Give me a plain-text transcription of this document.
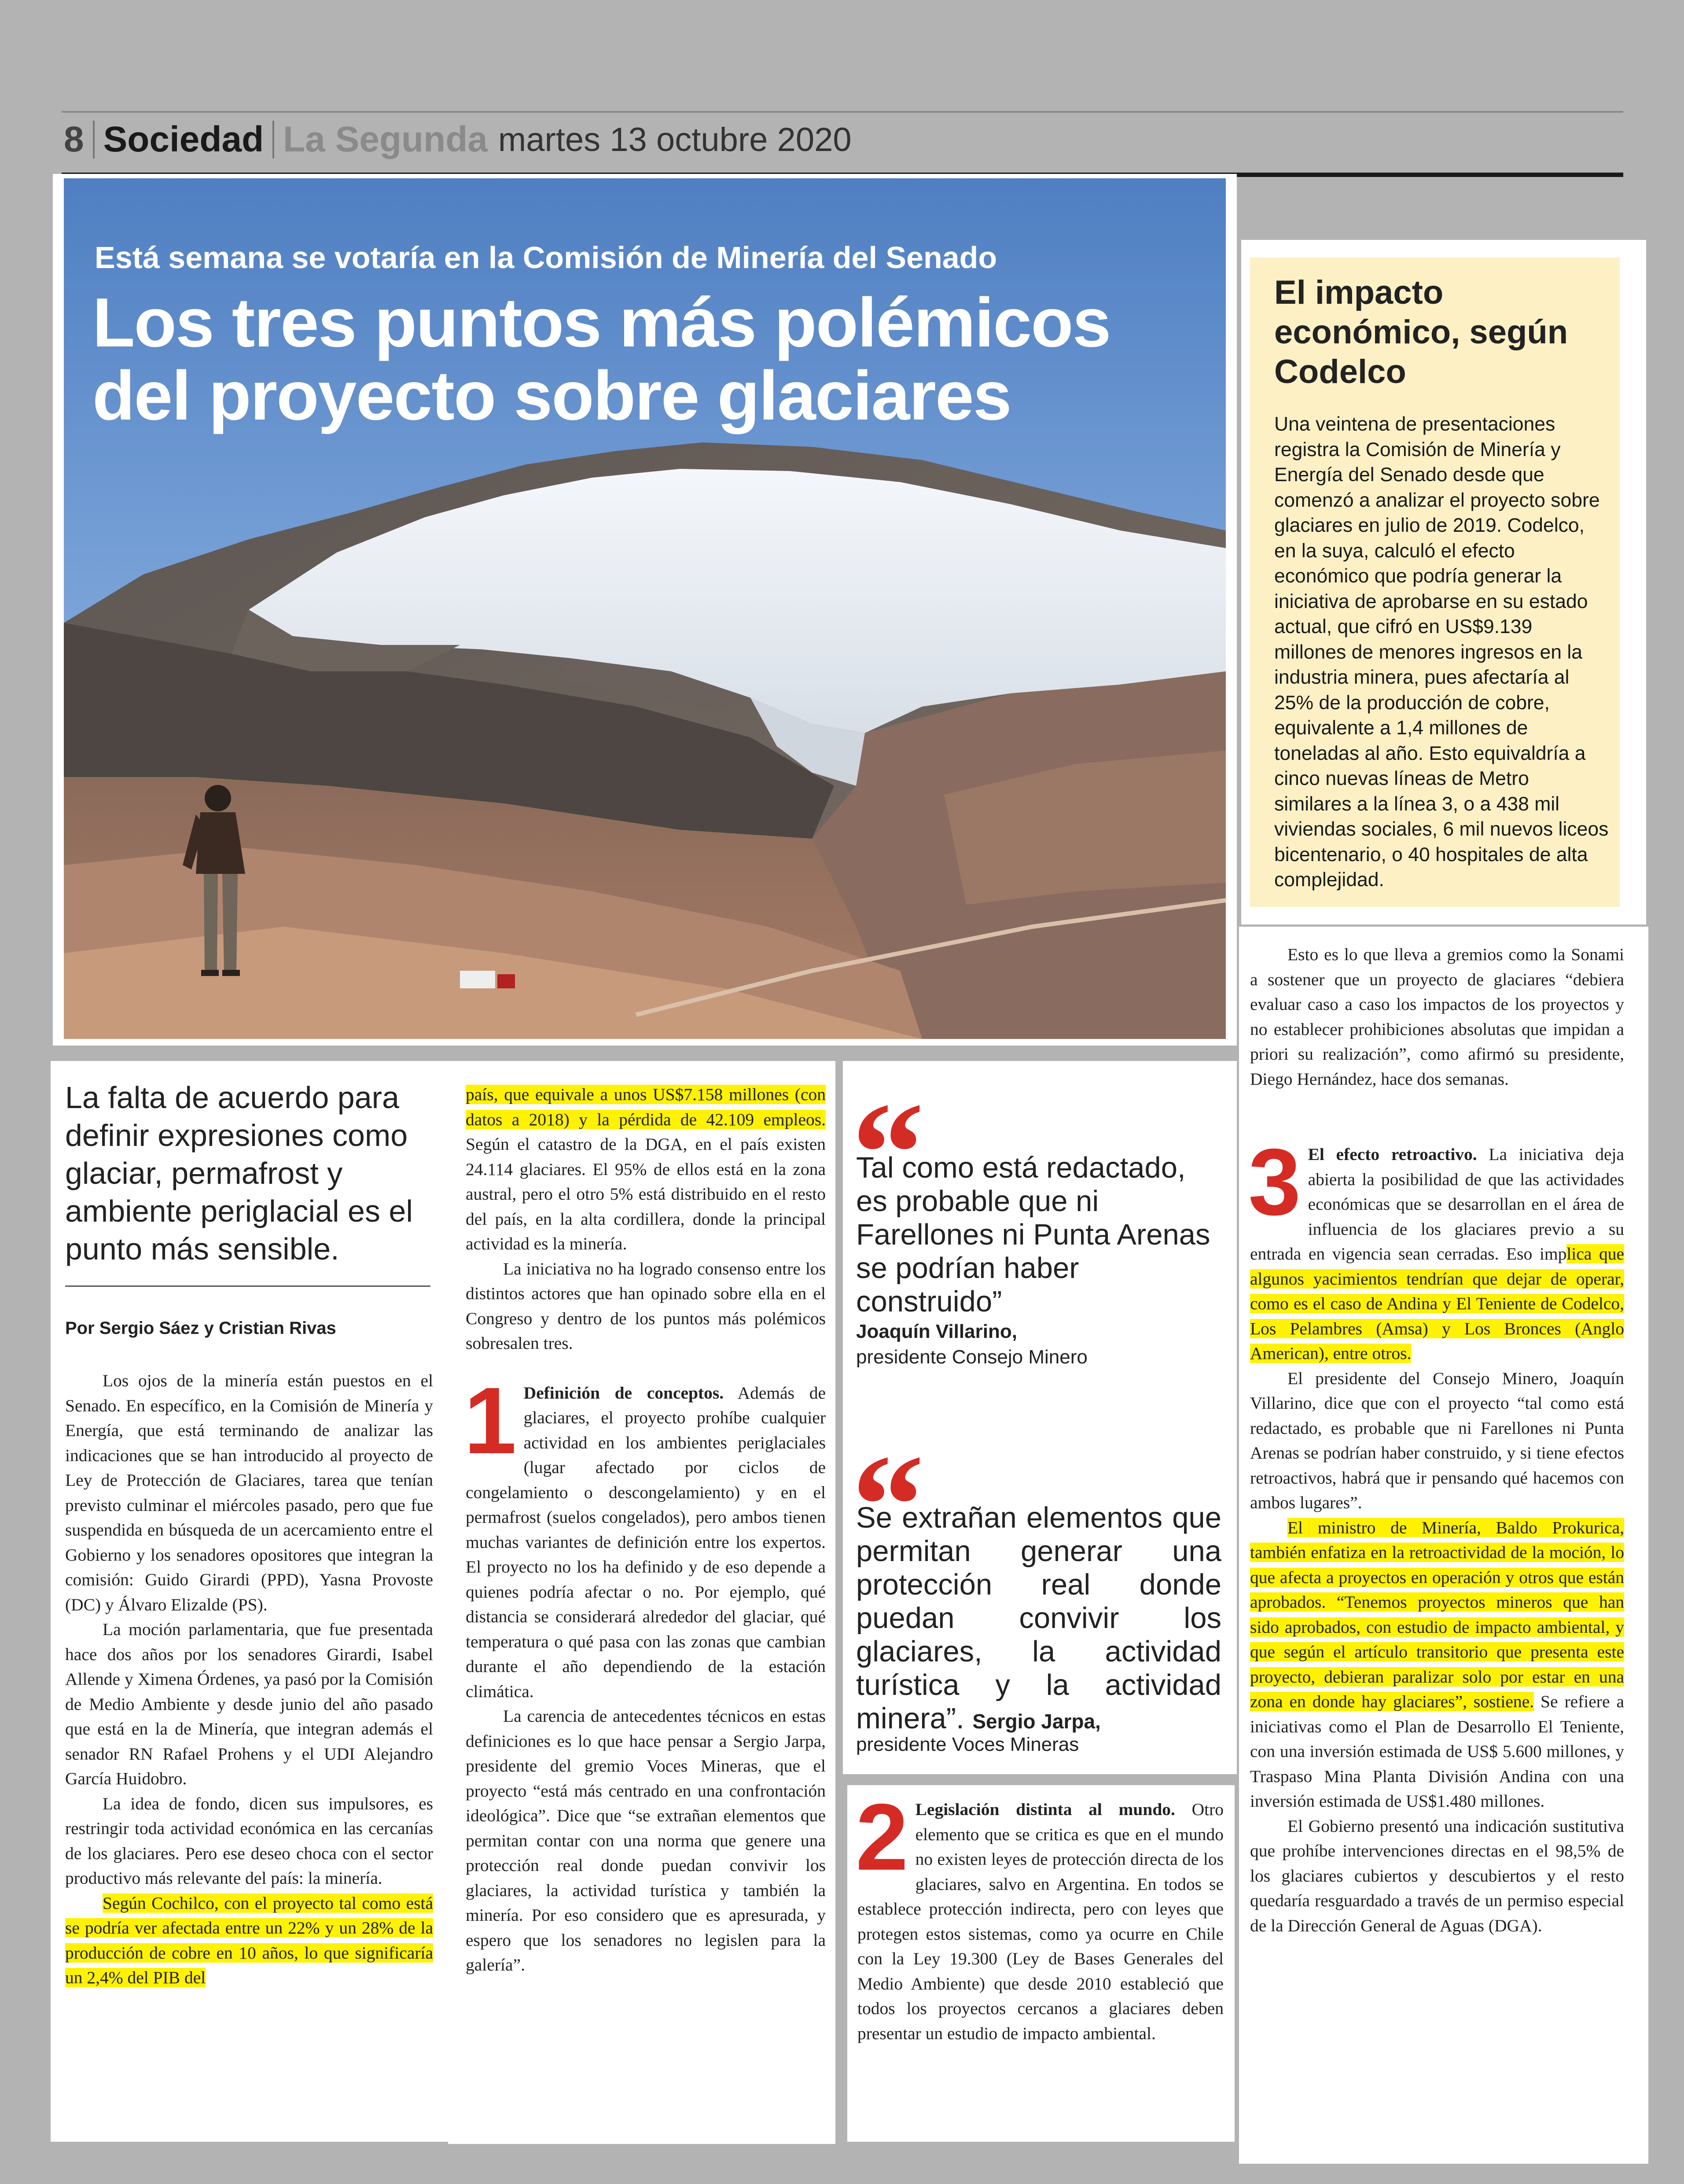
8 Sociedad La Segunda martes 13 octubre 2020
Está semana se votaría en la Comisión de Minería del Senado
Los tres puntos más polémicos del proyecto sobre glaciares
El impacto económico, según Codelco
Una veintena de presentaciones registra la Comisión de Minería y Energía del Senado desde que comenzó a analizar el proyecto sobre glaciares en julio de 2019. Codelco, en la suya, calculó el efecto económico que podría generar la iniciativa de aprobarse en su estado actual, que cifró en US$9.139 millones de menores ingresos en la industria minera, pues afectaría al 25% de la producción de cobre, equivalente a 1,4 millones de toneladas al año. Esto equivaldría a cinco nuevas líneas de Metro similares a la línea 3, o a 438 mil viviendas sociales, 6 mil nuevos liceos bicentenario, o 40 hospitales de alta complejidad.
La falta de acuerdo para definir expresiones como glaciar, permafrost y ambiente periglacial es el punto más sensible.
Por Sergio Sáez y Cristian Rivas

Los ojos de la minería están puestos en el Senado. En específico, en la Comisión de Minería y Energía, que está terminando de analizar las indicaciones que se han introducido al proyecto de Ley de Protección de Glaciares, tarea que tenían previsto culminar el miércoles pasado, pero que fue suspendida en búsqueda de un acercamiento entre el Gobierno y los senadores opositores que integran la comisión: Guido Girardi (PPD), Yasna Provoste (DC) y Álvaro Elizalde (PS).

La moción parlamentaria, que fue presentada hace dos años por los senadores Girardi, Isabel Allende y Ximena Órdenes, ya pasó por la Comisión de Medio Ambiente y desde junio del año pasado que está en la de Minería, que integran además el senador RN Rafael Prohens y el UDI Alejandro García Huidobro.

La idea de fondo, dicen sus impulsores, es restringir toda actividad económica en las cercanías de los glaciares. Pero ese deseo choca con el sector productivo más relevante del país: la minería.

Según Cochilco, con el proyecto tal como está se podría ver afectada entre un 22% y un 28% de la producción de cobre en 10 años, lo que significaría un 2,4% del PIB del

país, que equivale a unos US$7.158 millones (con datos a 2018) y la pérdida de 42.109 empleos. Según el catastro de la DGA, en el país existen 24.114 glaciares. El 95% de ellos está en la zona austral, pero el otro 5% está distribuido en el resto del país, en la alta cordillera, donde la principal actividad es la minería.

La iniciativa no ha logrado consenso entre los distintos actores que han opinado sobre ella en el Congreso y dentro de los puntos más polémicos sobresalen tres.

1 Definición de conceptos. Además de glaciares, el proyecto prohíbe cualquier actividad en los ambientes periglaciales (lugar afectado por ciclos de congelamiento o descongelamiento) y en el permafrost (suelos congelados), pero ambos tienen muchas variantes de definición entre los expertos. El proyecto no los ha definido y de eso depende a quienes podría afectar o no. Por ejemplo, qué distancia se considerará alrededor del glaciar, qué temperatura o qué pasa con las zonas que cambian durante el año dependiendo de la estación climática.

La carencia de antecedentes técnicos en estas definiciones es lo que hace pensar a Sergio Jarpa, presidente del gremio Voces Mineras, que el proyecto “está más centrado en una confrontación ideológica”. Dice que “se extrañan elementos que permitan contar con una norma que genere una protección real donde puedan convivir los glaciares, la actividad turística y también la minería. Por eso considero que es apresurada, y espero que los senadores no legislen para la galería”.

“
Tal como está redactado, es probable que ni Farellones ni Punta Arenas se podrían haber construido”
Joaquín Villarino,
presidente Consejo Minero
“
Se extrañan elementos que permitan generar una protección real donde puedan convivir los glaciares, la actividad turística y la actividad minera”. Sergio Jarpa,
presidente Voces Mineras

2 Legislación distinta al mundo. Otro elemento que se critica es que en el mundo no existen leyes de protección directa de los glaciares, salvo en Argentina. En todos se establece protección indirecta, pero con leyes que protegen estos sistemas, como ya ocurre en Chile con la Ley 19.300 (Ley de Bases Generales del Medio Ambiente) que desde 2010 estableció que todos los proyectos cercanos a glaciares deben presentar un estudio de impacto ambiental.

Esto es lo que lleva a gremios como la Sonami a sostener que un proyecto de glaciares “debiera evaluar caso a caso los impactos de los proyectos y no establecer prohibiciones absolutas que impidan a priori su realización”, como afirmó su presidente, Diego Hernández, hace dos semanas.

3 El efecto retroactivo. La iniciativa deja abierta la posibilidad de que las actividades económicas que se desarrollan en el área de influencia de los glaciares previo a su entrada en vigencia sean cerradas. Eso implica que algunos yacimientos tendrían que dejar de operar, como es el caso de Andina y El Teniente de Codelco, Los Pelambres (Amsa) y Los Bronces (Anglo American), entre otros.

El presidente del Consejo Minero, Joaquín Villarino, dice que con el proyecto “tal como está redactado, es probable que ni Farellones ni Punta Arenas se podrían haber construido, y si tiene efectos retroactivos, habrá que ir pensando qué hacemos con ambos lugares”.

El ministro de Minería, Baldo Prokurica, también enfatiza en la retroactividad de la moción, lo que afecta a proyectos en operación y otros que están aprobados. “Tenemos proyectos mineros que han sido aprobados, con estudio de impacto ambiental, y que según el artículo transitorio que presenta este proyecto, debieran paralizar solo por estar en una zona en donde hay glaciares”, sostiene. Se refiere a iniciativas como el Plan de Desarrollo El Teniente, con una inversión estimada de US$ 5.600 millones, y Traspaso Mina Planta División Andina con una inversión estimada de US$1.480 millones.

El Gobierno presentó una indicación sustitutiva que prohíbe intervenciones directas en el 98,5% de los glaciares cubiertos y descubiertos y el resto quedaría resguardado a través de un permiso especial de la Dirección General de Aguas (DGA).
